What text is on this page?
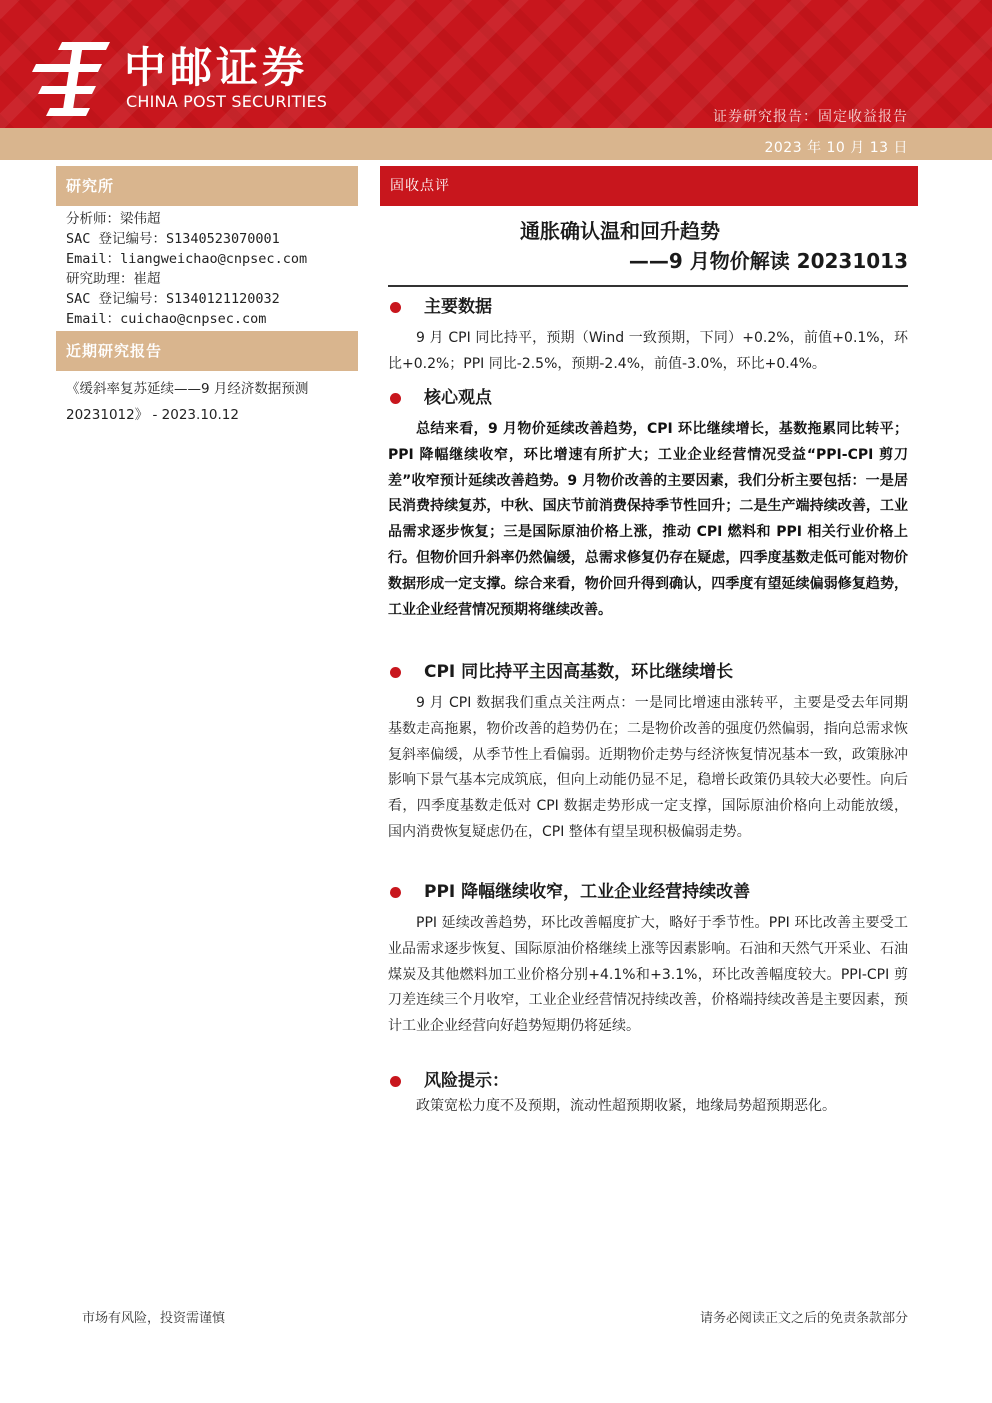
中邮证券
CHINA POST SECURITIES
证券研究报告：固定收益报告
2023 年 10 月 13 日
研究所
分析师：梁伟超
SAC 登记编号：S1340523070001
Email：liangweichao@cnpsec.com
研究助理：崔超
SAC 登记编号：S1340121120032
Email：cuichao@cnpsec.com
近期研究报告
《缓斜率复苏延续——9 月经济数据预测 20231012》 - 2023.10.12
固收点评
通胀确认温和回升趋势
——9 月物价解读 20231013
主要数据
9 月 CPI 同比持平，预期（Wind 一致预期，下同）+0.2%，前值+0.1%，环比+0.2%；PPI 同比-2.5%，预期-2.4%，前值-3.0%，环比+0.4%。
核心观点
总结来看，9 月物价延续改善趋势，CPI 环比继续增长，基数拖累同比转平；PPI 降幅继续收窄，环比增速有所扩大；工业企业经营情况受益“PPI-CPI 剪刀差”收窄预计延续改善趋势。9 月物价改善的主要因素，我们分析主要包括：一是居民消费持续复苏，中秋、国庆节前消费保持季节性回升；二是生产端持续改善，工业品需求逐步恢复；三是国际原油价格上涨，推动 CPI 燃料和 PPI 相关行业价格上行。但物价回升斜率仍然偏缓，总需求修复仍存在疑虑，四季度基数走低可能对物价数据形成一定支撑。综合来看，物价回升得到确认，四季度有望延续偏弱修复趋势，工业企业经营情况预期将继续改善。
CPI 同比持平主因高基数，环比继续增长
9 月 CPI 数据我们重点关注两点：一是同比增速由涨转平，主要是受去年同期基数走高拖累，物价改善的趋势仍在；二是物价改善的强度仍然偏弱，指向总需求恢复斜率偏缓，从季节性上看偏弱。近期物价走势与经济恢复情况基本一致，政策脉冲影响下景气基本完成筑底，但向上动能仍显不足，稳增长政策仍具较大必要性。向后看，四季度基数走低对 CPI 数据走势形成一定支撑，国际原油价格向上动能放缓，国内消费恢复疑虑仍在，CPI 整体有望呈现积极偏弱走势。
PPI 降幅继续收窄，工业企业经营持续改善
PPI 延续改善趋势，环比改善幅度扩大，略好于季节性。PPI 环比改善主要受工业品需求逐步恢复、国际原油价格继续上涨等因素影响。石油和天然气开采业、石油煤炭及其他燃料加工业价格分别+4.1%和+3.1%，环比改善幅度较大。PPI-CPI 剪刀差连续三个月收窄，工业企业经营情况持续改善，价格端持续改善是主要因素，预计工业企业经营向好趋势短期仍将延续。
风险提示：
政策宽松力度不及预期，流动性超预期收紧，地缘局势超预期恶化。
市场有风险，投资需谨慎	请务必阅读正文之后的免责条款部分
